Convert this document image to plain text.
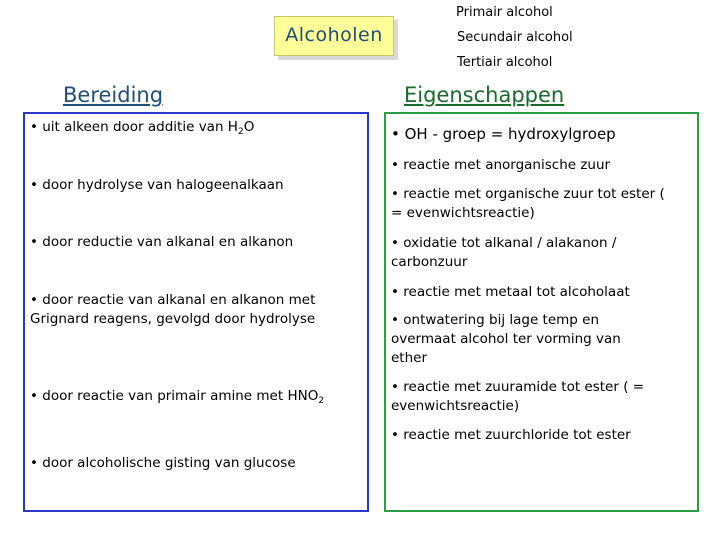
Alcoholen
Primair alcohol
Secundair alcohol
Tertiair alcohol
Bereiding	Eigenschappen
• uit alkeen door additie van $H_2O$
• door hydrolyse van halogeenalkaan
• door reductie van alkanal en alkanon
• door reactie van alkanal en alkanon met Grignard reagens, gevolgd door hydrolyse
• door reactie van primair amine met $HNO_2$
• door alcoholische gisting van glucose
• OH - groep = hydroxylgroep
• reactie met anorganische zuur
• reactie met organische zuur tot ester ( = evenwichtsreactie)
• oxidatie tot alkanal / alakanon / carbonzuur
• reactie met metaal tot alcoholaat
• ontwatering bij lage temp en overmaat alcohol ter vorming van ether
• reactie met zuuramide tot ester ( = evenwichtsreactie)
• reactie met zuurchloride tot ester
